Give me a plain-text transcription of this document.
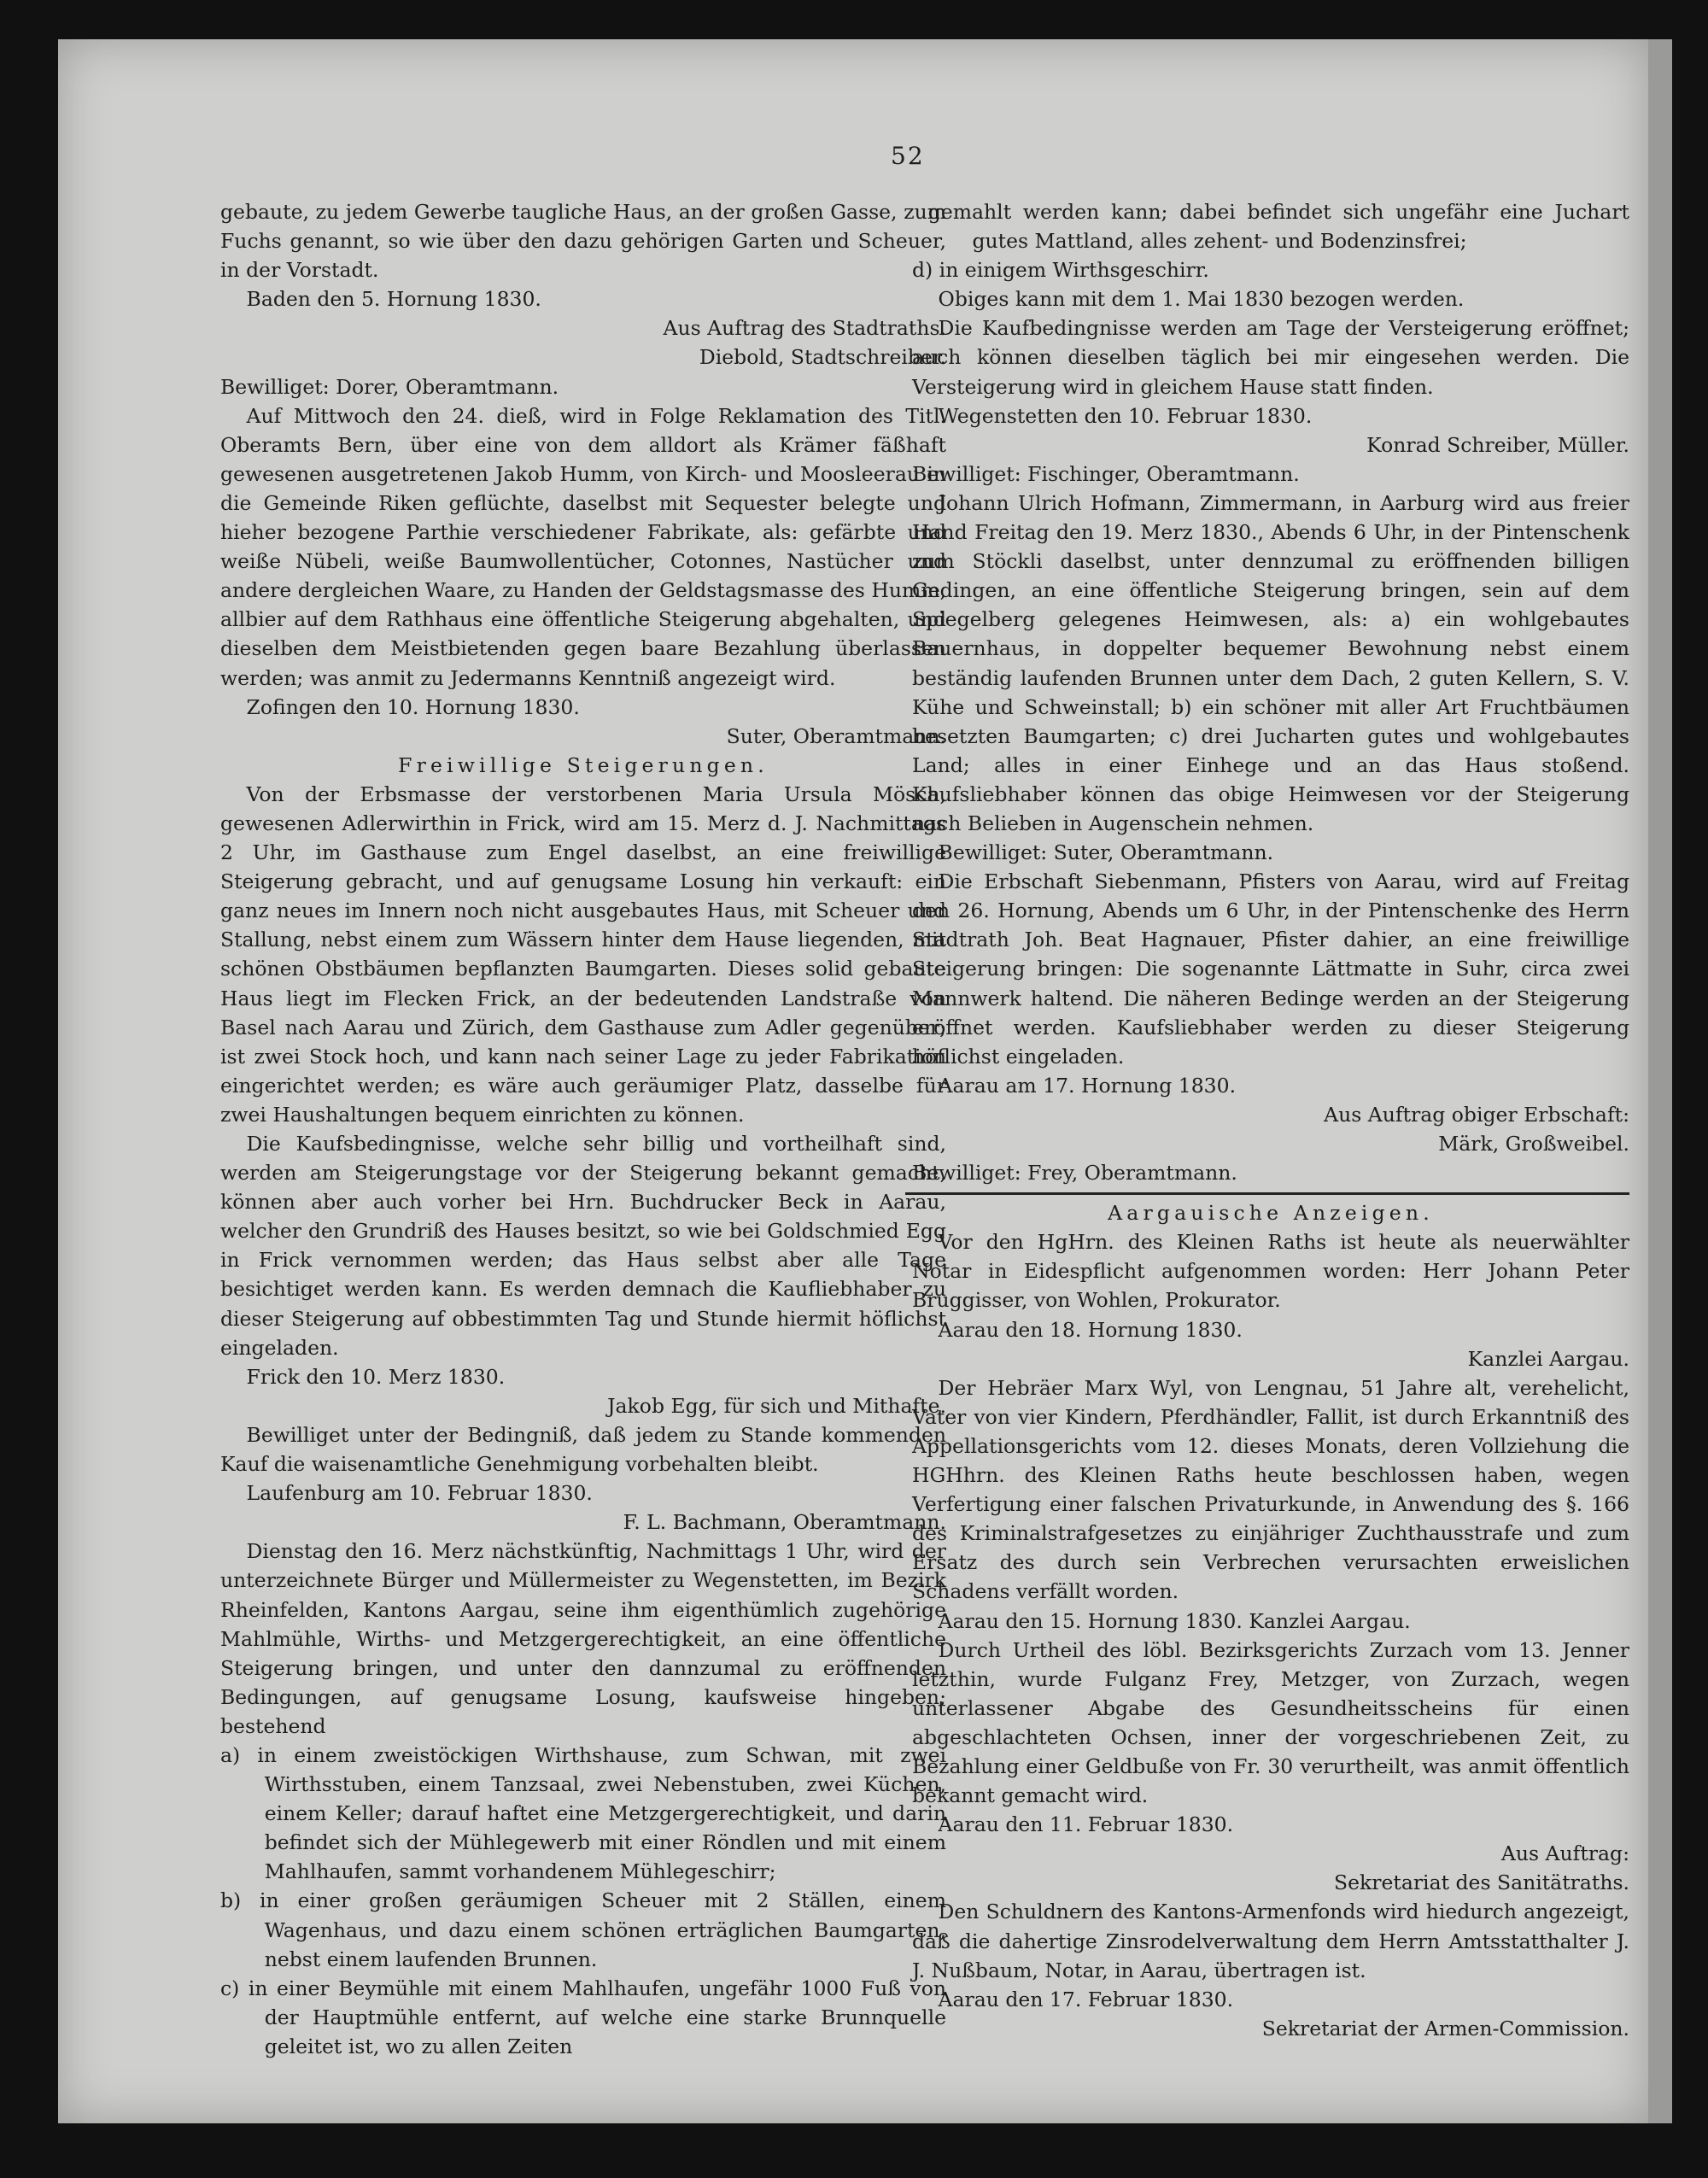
52

gebaute, zu jedem Gewerbe taugliche Haus, an der großen Gasse, zum Fuchs genannt, so wie über den dazu gehörigen Garten und Scheuer, in der Vorstadt.

Baden den 5. Hornung 1830.

Aus Auftrag des Stadtraths.

Diebold, Stadtschreiber.

Bewilliget: Dorer, Oberamtmann.

Auf Mittwoch den 24. dieß, wird in Folge Reklamation des Titl. Oberamts Bern, über eine von dem alldort als Krämer fäßhaft gewesenen ausgetretenen Jakob Humm, von Kirch- und Moosleerau in die Gemeinde Riken geflüchte, daselbst mit Sequester belegte und hieher bezogene Parthie verschiedener Fabrikate, als: gefärbte und weiße Nübeli, weiße Baumwollentücher, Cotonnes, Nastücher und andere dergleichen Waare, zu Handen der Geldstagsmasse des Humm, allbier auf dem Rathhaus eine öffentliche Steigerung abgehalten, und dieselben dem Meistbietenden gegen baare Bezahlung überlassen werden; was anmit zu Jedermanns Kenntniß angezeigt wird.

Zofingen den 10. Hornung 1830.

Suter, Oberamtmann.

Freiwillige Steigerungen.

Von der Erbsmasse der verstorbenen Maria Ursula Mösch, gewesenen Adlerwirthin in Frick, wird am 15. Merz d. J. Nachmittags 2 Uhr, im Gasthause zum Engel daselbst, an eine freiwillige Steigerung gebracht, und auf genugsame Losung hin verkauft: ein ganz neues im Innern noch nicht ausgebautes Haus, mit Scheuer und Stallung, nebst einem zum Wässern hinter dem Hause liegenden, mit schönen Obstbäumen bepflanzten Baumgarten. Dieses solid gebaute Haus liegt im Flecken Frick, an der bedeutenden Landstraße von Basel nach Aarau und Zürich, dem Gasthause zum Adler gegenüber; ist zwei Stock hoch, und kann nach seiner Lage zu jeder Fabrikation eingerichtet werden; es wäre auch geräumiger Platz, dasselbe für zwei Haushaltungen bequem einrichten zu können.

Die Kaufsbedingnisse, welche sehr billig und vortheilhaft sind, werden am Steigerungstage vor der Steigerung bekannt gemacht, können aber auch vorher bei Hrn. Buchdrucker Beck in Aarau, welcher den Grundriß des Hauses besitzt, so wie bei Goldschmied Egg in Frick vernommen werden; das Haus selbst aber alle Tage besichtiget werden kann. Es werden demnach die Kaufliebhaber zu dieser Steigerung auf obbestimmten Tag und Stunde hiermit höflichst eingeladen.

Frick den 10. Merz 1830.

Jakob Egg, für sich und Mithafte.

Bewilliget unter der Bedingniß, daß jedem zu Stande kommenden Kauf die waisenamtliche Genehmigung vorbehalten bleibt.

Laufenburg am 10. Februar 1830.

F. L. Bachmann, Oberamtmann.

Dienstag den 16. Merz nächstkünftig, Nachmittags 1 Uhr, wird der unterzeichnete Bürger und Müllermeister zu Wegenstetten, im Bezirk Rheinfelden, Kantons Aargau, seine ihm eigenthümlich zugehörige Mahlmühle, Wirths- und Metzgergerechtigkeit, an eine öffentliche Steigerung bringen, und unter den dannzumal zu eröffnenden Bedingungen, auf genugsame Losung, kaufsweise hingeben; bestehend

a) in einem zweistöckigen Wirthshause, zum Schwan, mit zwei Wirthsstuben, einem Tanzsaal, zwei Nebenstuben, zwei Küchen, einem Keller; darauf haftet eine Metzgergerechtigkeit, und darin befindet sich der Mühlegewerb mit einer Röndlen und mit einem Mahlhaufen, sammt vorhandenem Mühlegeschirr;

b) in einer großen geräumigen Scheuer mit 2 Ställen, einem Wagenhaus, und dazu einem schönen erträglichen Baumgarten, nebst einem laufenden Brunnen.

c) in einer Beymühle mit einem Mahlhaufen, ungefähr 1000 Fuß von der Hauptmühle entfernt, auf welche eine starke Brunnquelle geleitet ist, wo zu allen Zeiten

gemahlt werden kann; dabei befindet sich ungefähr eine Juchart gutes Mattland, alles zehent- und Bodenzinsfrei;

d) in einigem Wirthsgeschirr.

Obiges kann mit dem 1. Mai 1830 bezogen werden.

Die Kaufbedingnisse werden am Tage der Versteigerung eröffnet; auch können dieselben täglich bei mir eingesehen werden. Die Versteigerung wird in gleichem Hause statt finden.

Wegenstetten den 10. Februar 1830.

Konrad Schreiber, Müller.

Bewilliget: Fischinger, Oberamtmann.

Johann Ulrich Hofmann, Zimmermann, in Aarburg wird aus freier Hand Freitag den 19. Merz 1830., Abends 6 Uhr, in der Pintenschenk zum Stöckli daselbst, unter dennzumal zu eröffnenden billigen Gedingen, an eine öffentliche Steigerung bringen, sein auf dem Spiegelberg gelegenes Heimwesen, als: a) ein wohlgebautes Bauernhaus, in doppelter bequemer Bewohnung nebst einem beständig laufenden Brunnen unter dem Dach, 2 guten Kellern, S. V. Kühe und Schweinstall; b) ein schöner mit aller Art Fruchtbäumen besetzten Baumgarten; c) drei Jucharten gutes und wohlgebautes Land; alles in einer Einhege und an das Haus stoßend. Kaufsliebhaber können das obige Heimwesen vor der Steigerung nach Belieben in Augenschein nehmen.

Bewilliget: Suter, Oberamtmann.

Die Erbschaft Siebenmann, Pfisters von Aarau, wird auf Freitag den 26. Hornung, Abends um 6 Uhr, in der Pintenschenke des Herrn Stadtrath Joh. Beat Hagnauer, Pfister dahier, an eine freiwillige Steigerung bringen: Die sogenannte Lättmatte in Suhr, circa zwei Mannwerk haltend. Die näheren Bedinge werden an der Steigerung eröffnet werden. Kaufsliebhaber werden zu dieser Steigerung höflichst eingeladen.

Aarau am 17. Hornung 1830.

Aus Auftrag obiger Erbschaft:

Märk, Großweibel.

Bewilliget: Frey, Oberamtmann.

Aargauische Anzeigen.

Vor den HgHrn. des Kleinen Raths ist heute als neuerwählter Notar in Eidespflicht aufgenommen worden: Herr Johann Peter Bruggisser, von Wohlen, Prokurator.

Aarau den 18. Hornung 1830.

Kanzlei Aargau.

Der Hebräer Marx Wyl, von Lengnau, 51 Jahre alt, verehelicht, Vater von vier Kindern, Pferdhändler, Fallit, ist durch Erkanntniß des Appellationsgerichts vom 12. dieses Monats, deren Vollziehung die HGHhrn. des Kleinen Raths heute beschlossen haben, wegen Verfertigung einer falschen Privaturkunde, in Anwendung des §. 166 des Kriminalstrafgesetzes zu einjähriger Zuchthausstrafe und zum Ersatz des durch sein Verbrechen verursachten erweislichen Schadens verfällt worden.

Aarau den 15. Hornung 1830. Kanzlei Aargau.

Durch Urtheil des löbl. Bezirksgerichts Zurzach vom 13. Jenner letzthin, wurde Fulganz Frey, Metzger, von Zurzach, wegen unterlassener Abgabe des Gesundheitsscheins für einen abgeschlachteten Ochsen, inner der vorgeschriebenen Zeit, zu Bezahlung einer Geldbuße von Fr. 30 verurtheilt, was anmit öffentlich bekannt gemacht wird.

Aarau den 11. Februar 1830.

Aus Auftrag:

Sekretariat des Sanitätraths.

Den Schuldnern des Kantons-Armenfonds wird hiedurch angezeigt, daß die dahertige Zinsrodelverwaltung dem Herrn Amtsstatthalter J. J. Nußbaum, Notar, in Aarau, übertragen ist.

Aarau den 17. Februar 1830.

Sekretariat der Armen-Commission.
